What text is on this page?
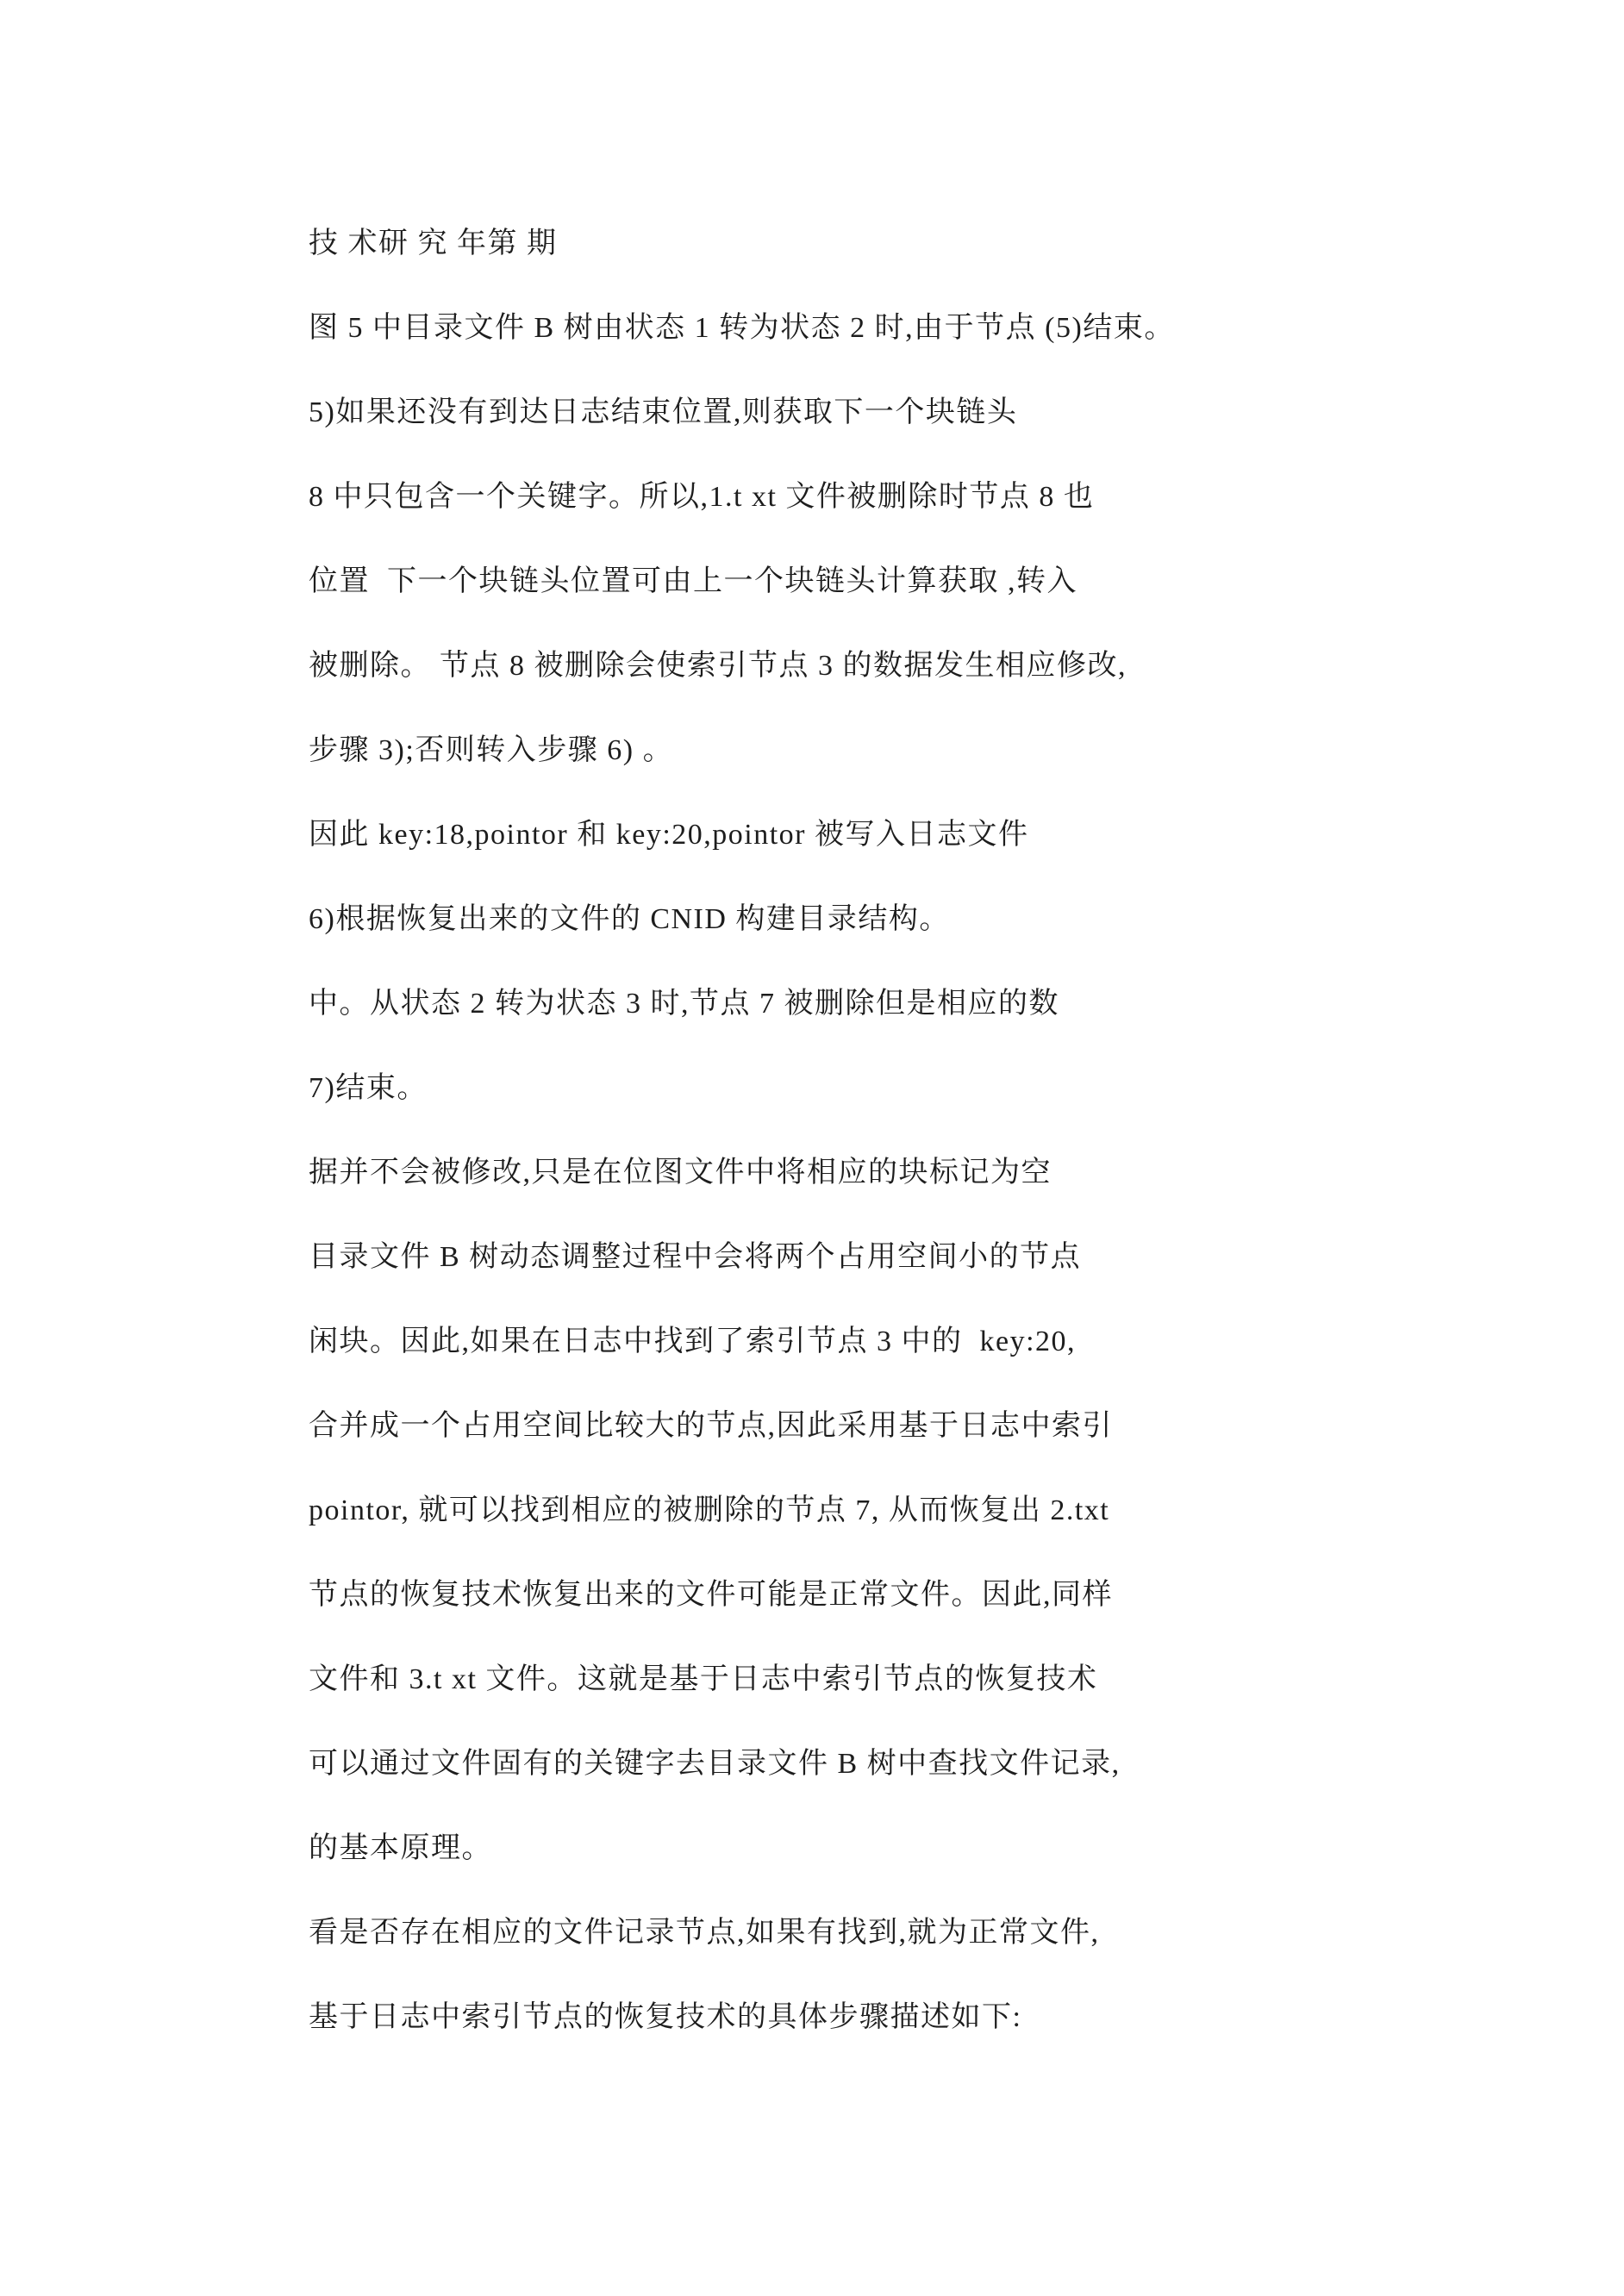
技 术研 究 年第 期
图 5 中目录文件 B 树由状态 1 转为状态 2 时,由于节点 (5)结束。
5)如果还没有到达日志结束位置,则获取下一个块链头
8 中只包含一个关键字。所以,1.t xt 文件被删除时节点 8 也
位置  下一个块链头位置可由上一个块链头计算获取 ,转入
被删除。 节点 8 被删除会使索引节点 3 的数据发生相应修改,
步骤 3);否则转入步骤 6) 。
因此 key:18,pointor 和 key:20,pointor 被写入日志文件
6)根据恢复出来的文件的 CNID 构建目录结构。
中。从状态 2 转为状态 3 时,节点 7 被删除但是相应的数
7)结束。
据并不会被修改,只是在位图文件中将相应的块标记为空
目录文件 B 树动态调整过程中会将两个占用空间小的节点
闲块。因此,如果在日志中找到了索引节点 3 中的  key:20,
合并成一个占用空间比较大的节点,因此采用基于日志中索引
pointor, 就可以找到相应的被删除的节点 7, 从而恢复出 2.txt
节点的恢复技术恢复出来的文件可能是正常文件。因此,同样
文件和 3.t xt 文件。这就是基于日志中索引节点的恢复技术
可以通过文件固有的关键字去目录文件 B 树中查找文件记录,
的基本原理。
看是否存在相应的文件记录节点,如果有找到,就为正常文件,
基于日志中索引节点的恢复技术的具体步骤描述如下:
